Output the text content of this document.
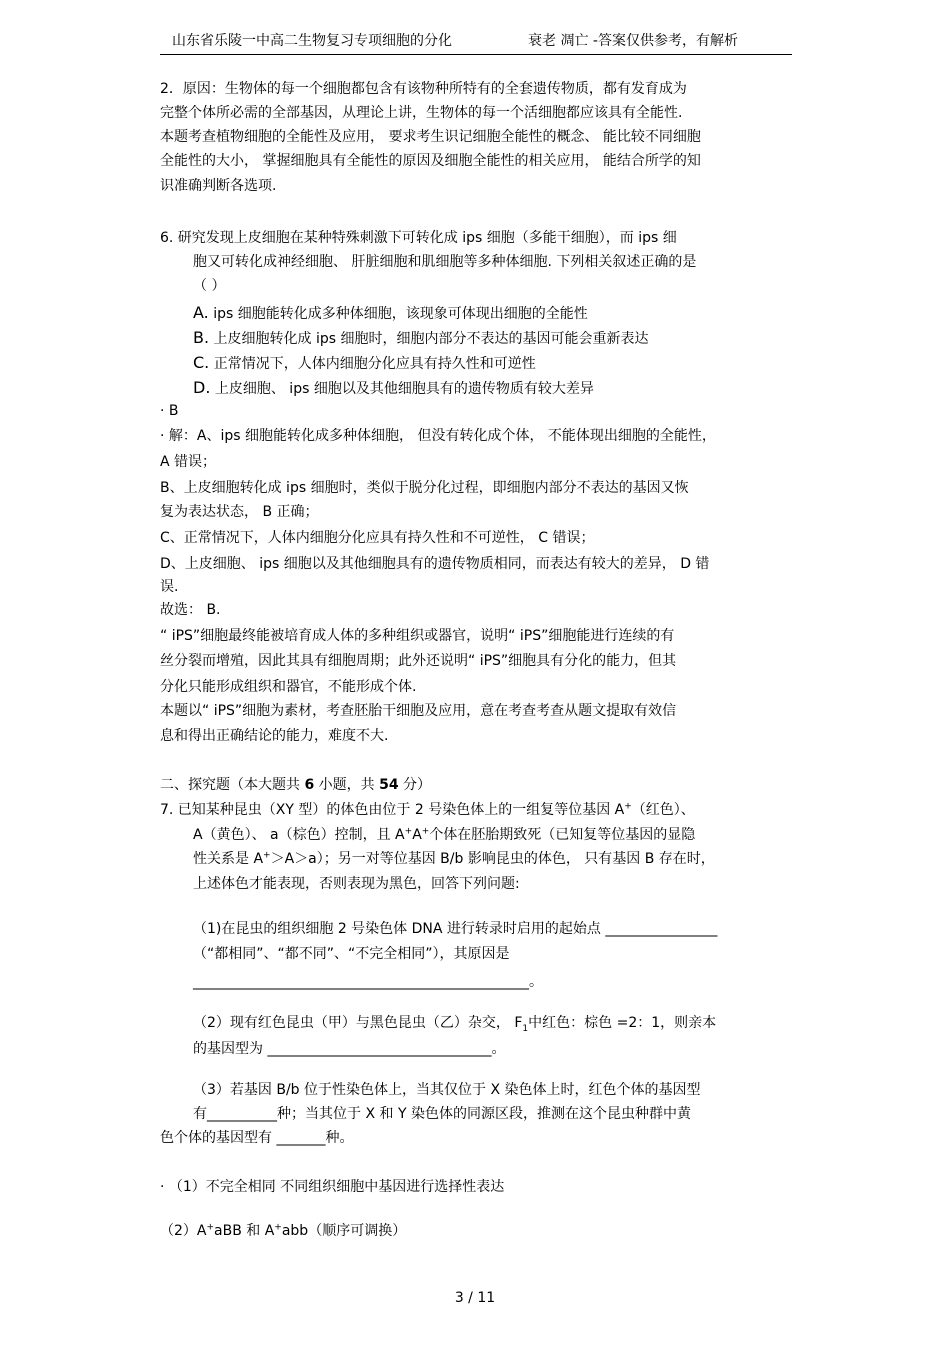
山东省乐陵一中高二生物复习专项细胞的分化	衰老 凋亡 -答案仅供参考，有解析
2．原因：生物体的每一个细胞都包含有该物种所特有的全套遗传物质，都有发育成为
完整个体所必需的全部基因，从理论上讲，生物体的每一个活细胞都应该具有全能性.
本题考查植物细胞的全能性及应用， 要求考生识记细胞全能性的概念、 能比较不同细胞
全能性的大小， 掌握细胞具有全能性的原因及细胞全能性的相关应用， 能结合所学的知
识准确判断各选项.
6. 研究发现上皮细胞在某种特殊刺激下可转化成 ips 细胞（多能干细胞），而 ips 细
胞又可转化成神经细胞、 肝脏细胞和肌细胞等多种体细胞. 下列相关叙述正确的是
（ ）
· B
· 解：A、ips 细胞能转化成多种体细胞， 但没有转化成个体， 不能体现出细胞的全能性，
A 错误；
B、上皮细胞转化成 ips 细胞时，类似于脱分化过程，即细胞内部分不表达的基因又恢
复为表达状态， B 正确；
C、正常情况下，人体内细胞分化应具有持久性和不可逆性， C 错误；
D、上皮细胞、 ips 细胞以及其他细胞具有的遗传物质相同，而表达有较大的差异， D 错
误.
故选： B.
“ iPS”细胞最终能被培育成人体的多种组织或器官，说明“ iPS”细胞能进行连续的有
丝分裂而增殖，因此其具有细胞周期；此外还说明“ iPS”细胞具有分化的能力，但其
分化只能形成组织和器官，不能形成个体.
本题以“ iPS”细胞为素材，考查胚胎干细胞及应用，意在考查考查从题文提取有效信
息和得出正确结论的能力，难度不大.
色个体的基因型有 _______种。
· （1）不完全相同 不同组织细胞中基因进行选择性表达
A. ips 细胞能转化成多种体细胞，该现象可体现出细胞的全能性
B. 上皮细胞转化成 ips 细胞时，细胞内部分不表达的基因可能会重新表达
C. 正常情况下，人体内细胞分化应具有持久性和可逆性
D. 上皮细胞、 ips 细胞以及其他细胞具有的遗传物质有较大差异
二、探究题（本大题共 6 小题，共 54 分）
7. 已知某种昆虫（XY 型）的体色由位于 2 号染色体上的一组复等位基因 A+（红色）、
A（黄色）、 a（棕色）控制，且 A+A+个体在胚胎期致死（已知复等位基因的显隐
性关系是 A+＞A＞a）；另一对等位基因 B/b 影响昆虫的体色， 只有基因 B 存在时，
上述体色才能表现，否则表现为黑色，回答下列问题:
（1)在昆虫的组织细胞 2 号染色体 DNA 进行转录时启用的起始点 ________________
（“都相同”、“都不同”、“不完全相同”），其原因是
________________________________________________。
（2）现有红色昆虫（甲）与黑色昆虫（乙）杂交， $F_1$中红色：棕色 =2：1，则亲本
的基因型为 ________________________________。
（3）若基因 B/b 位于性染色体上，当其仅位于 X 染色体上时，红色个体的基因型
有__________种；当其位于 X 和 Y 染色体的同源区段，推测在这个昆虫种群中黄
（2）A+aBB 和 A+abb（顺序可调换）
3 / 11
